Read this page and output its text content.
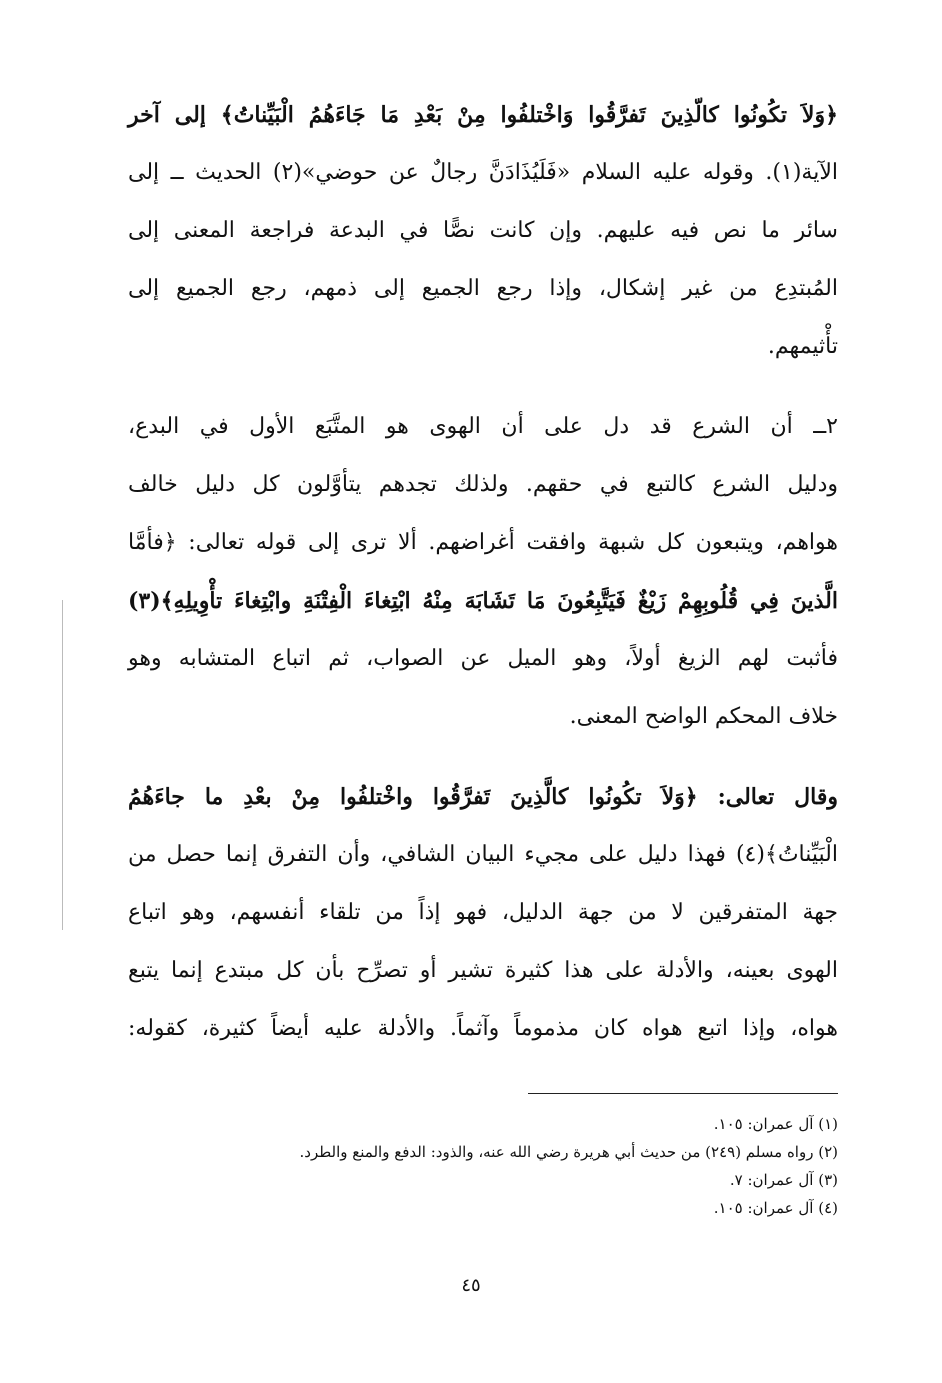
﴿وَلاَ تكُونُوا كالّذِينَ تَفرَّقُوا وَاخْتلفُوا مِنْ بَعْدِ مَا جَاءَهُمُ الْبَيِّناتُ﴾ إلى آخر
الآية(١). وقوله عليه السلام «فَلَيُذَادَنَّ رجالٌ عن حوضي»(٢) الحديث ــ إلى
سائر ما نص فيه عليهم. وإن كانت نصًّا في البدعة فراجعة المعنى إلى
المُبتدِع من غير إشكال، وإذا رجع الجميع إلى ذمهم، رجع الجميع إلى
تأْثيمهم.
٢ــ أن الشرع قد دل على أن الهوى هو المتَّبَع الأول في البدع،
ودليل الشرع كالتبع في حقهم. ولذلك تجدهم يتأوَّلون كل دليل خالف
هواهم، ويتبعون كل شبهة وافقت أغراضهم. ألا ترى إلى قوله تعالى: ﴿فأمَّا
الَّذينَ فِي قُلُوبِهِمْ زَيْغٌ فَيَتَّبِعُونَ مَا تَشَابَهَ مِنْهُ ابْتِغاءَ الْفِتْنَةِ وابْتِغاءَ تأْوِيلِهِ﴾(٣)
فأثبت لهم الزيغ أولاً، وهو الميل عن الصواب، ثم اتباع المتشابه وهو
خلاف المحكم الواضح المعنى.
وقال تعالى: ﴿وَلاَ تكُونُوا كالَّذِينَ تَفرَّقُوا واخْتلفُوا مِنْ بعْدِ ما جاءَهُمُ
الْبَيِّناتُ﴾(٤) فهذا دليل على مجيء البيان الشافي، وأن التفرق إنما حصل من
جهة المتفرقين لا من جهة الدليل، فهو إذاً من تلقاء أنفسهم، وهو اتباع
الهوى بعينه، والأدلة على هذا كثيرة تشير أو تصرِّح بأن كل مبتدع إنما يتبع
هواه، وإذا اتبع هواه كان مذموماً وآثماً. والأدلة عليه أيضاً كثيرة، كقوله:
(١) آل عمران: ١٠٥.
(٢) رواه مسلم (٢٤٩) من حديث أبي هريرة رضي الله عنه، والذود: الدفع والمنع والطرد.
(٣) آل عمران: ٧.
(٤) آل عمران: ١٠٥.
٤٥
